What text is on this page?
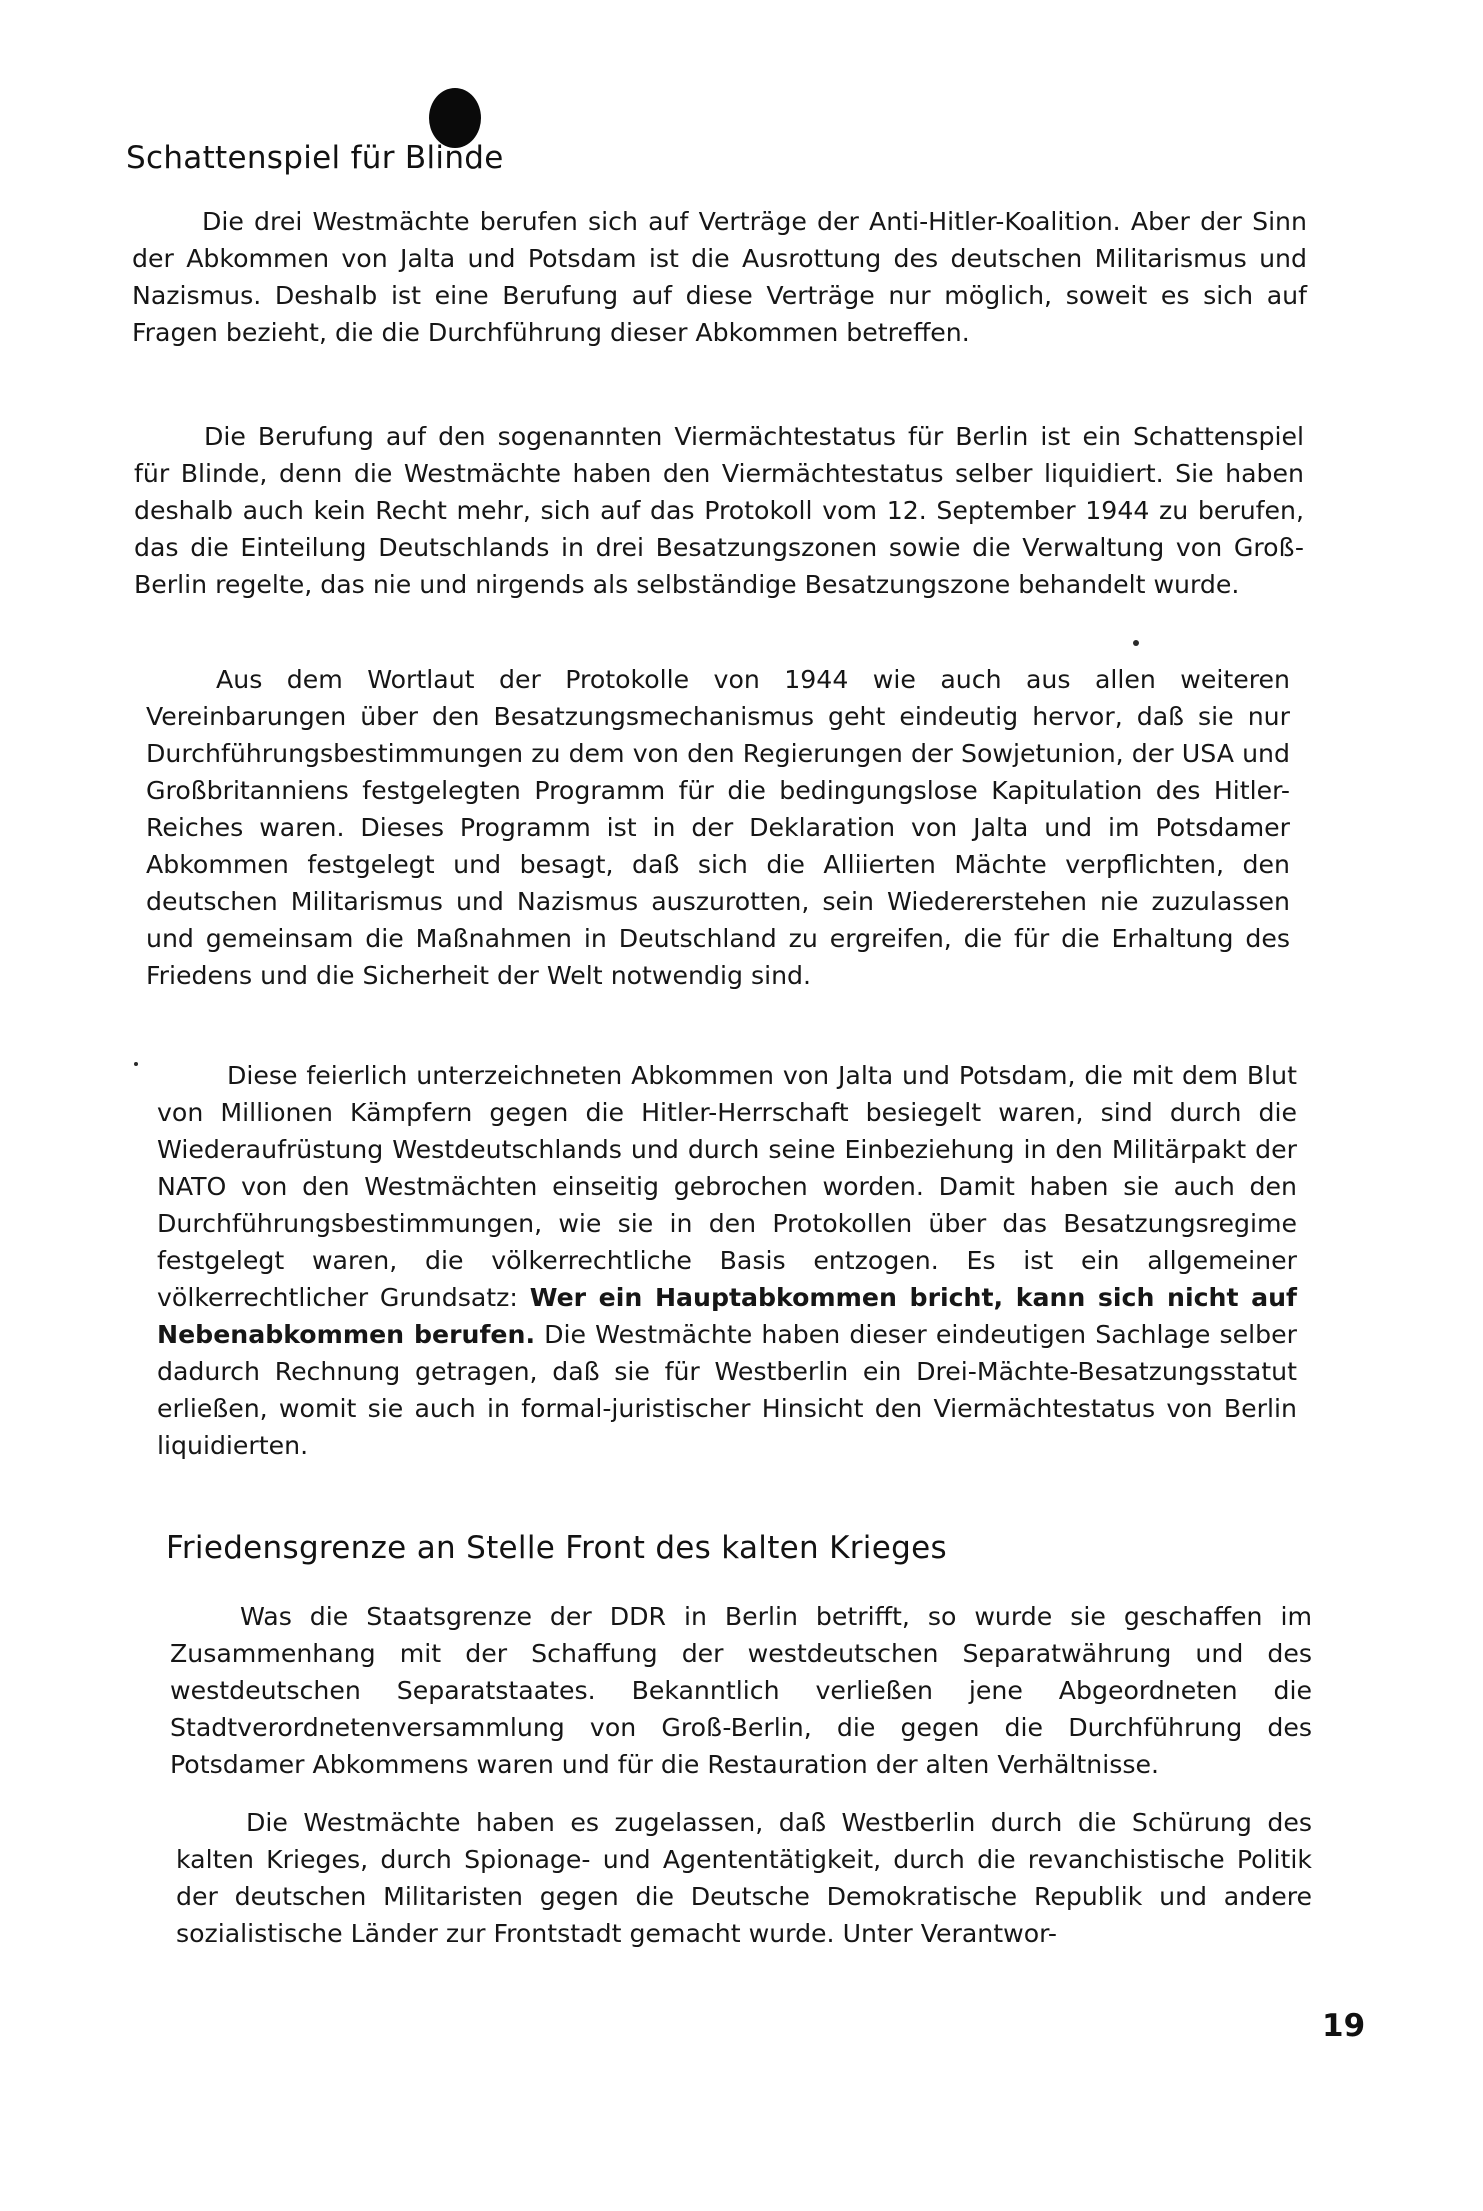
Schattenspiel für Blinde

Die drei Westmächte berufen sich auf Verträge der Anti-Hitler-Koalition. Aber der Sinn der Abkommen von Jalta und Potsdam ist die Ausrottung des deutschen Militarismus und Nazismus. Deshalb ist eine Berufung auf diese Verträge nur möglich, soweit es sich auf Fragen bezieht, die die Durchführung dieser Abkommen betreffen.

Die Berufung auf den sogenannten Viermächtestatus für Berlin ist ein Schattenspiel für Blinde, denn die Westmächte haben den Viermächtestatus selber liquidiert. Sie haben deshalb auch kein Recht mehr, sich auf das Protokoll vom 12. September 1944 zu berufen, das die Einteilung Deutschlands in drei Besatzungszonen sowie die Verwaltung von Groß-Berlin regelte, das nie und nirgends als selbständige Besatzungszone behandelt wurde.

Aus dem Wortlaut der Protokolle von 1944 wie auch aus allen weiteren Vereinbarungen über den Besatzungsmechanismus geht eindeutig hervor, daß sie nur Durchführungsbestimmungen zu dem von den Regierungen der Sowjetunion, der USA und Großbritanniens festgelegten Programm für die bedingungslose Kapitulation des Hitler-Reiches waren. Dieses Programm ist in der Deklaration von Jalta und im Potsdamer Abkommen festgelegt und besagt, daß sich die Alliierten Mächte verpflichten, den deutschen Militarismus und Nazismus auszurotten, sein Wiedererstehen nie zuzulassen und gemeinsam die Maßnahmen in Deutschland zu ergreifen, die für die Erhaltung des Friedens und die Sicherheit der Welt notwendig sind.

Diese feierlich unterzeichneten Abkommen von Jalta und Potsdam, die mit dem Blut von Millionen Kämpfern gegen die Hitler-Herrschaft besiegelt waren, sind durch die Wiederaufrüstung Westdeutschlands und durch seine Einbeziehung in den Militärpakt der NATO von den Westmächten einseitig gebrochen worden. Damit haben sie auch den Durchführungsbestimmungen, wie sie in den Protokollen über das Besatzungsregime festgelegt waren, die völkerrechtliche Basis entzogen. Es ist ein allgemeiner völkerrechtlicher Grundsatz: Wer ein Hauptabkommen bricht, kann sich nicht auf Nebenabkommen berufen. Die Westmächte haben dieser eindeutigen Sachlage selber dadurch Rechnung getragen, daß sie für Westberlin ein Drei-Mächte-Besatzungsstatut erließen, womit sie auch in formal-juristischer Hinsicht den Viermächtestatus von Berlin liquidierten.

Friedensgrenze an Stelle Front des kalten Krieges

Was die Staatsgrenze der DDR in Berlin betrifft, so wurde sie geschaffen im Zusammenhang mit der Schaffung der westdeutschen Separatwährung und des westdeutschen Separatstaates. Bekanntlich verließen jene Abgeordneten die Stadtverordnetenversammlung von Groß-Berlin, die gegen die Durchführung des Potsdamer Abkommens waren und für die Restauration der alten Verhältnisse.

Die Westmächte haben es zugelassen, daß Westberlin durch die Schürung des kalten Krieges, durch Spionage- und Agententätigkeit, durch die revanchistische Politik der deutschen Militaristen gegen die Deutsche Demokratische Republik und andere sozialistische Länder zur Frontstadt gemacht wurde. Unter Verantwor-

19
